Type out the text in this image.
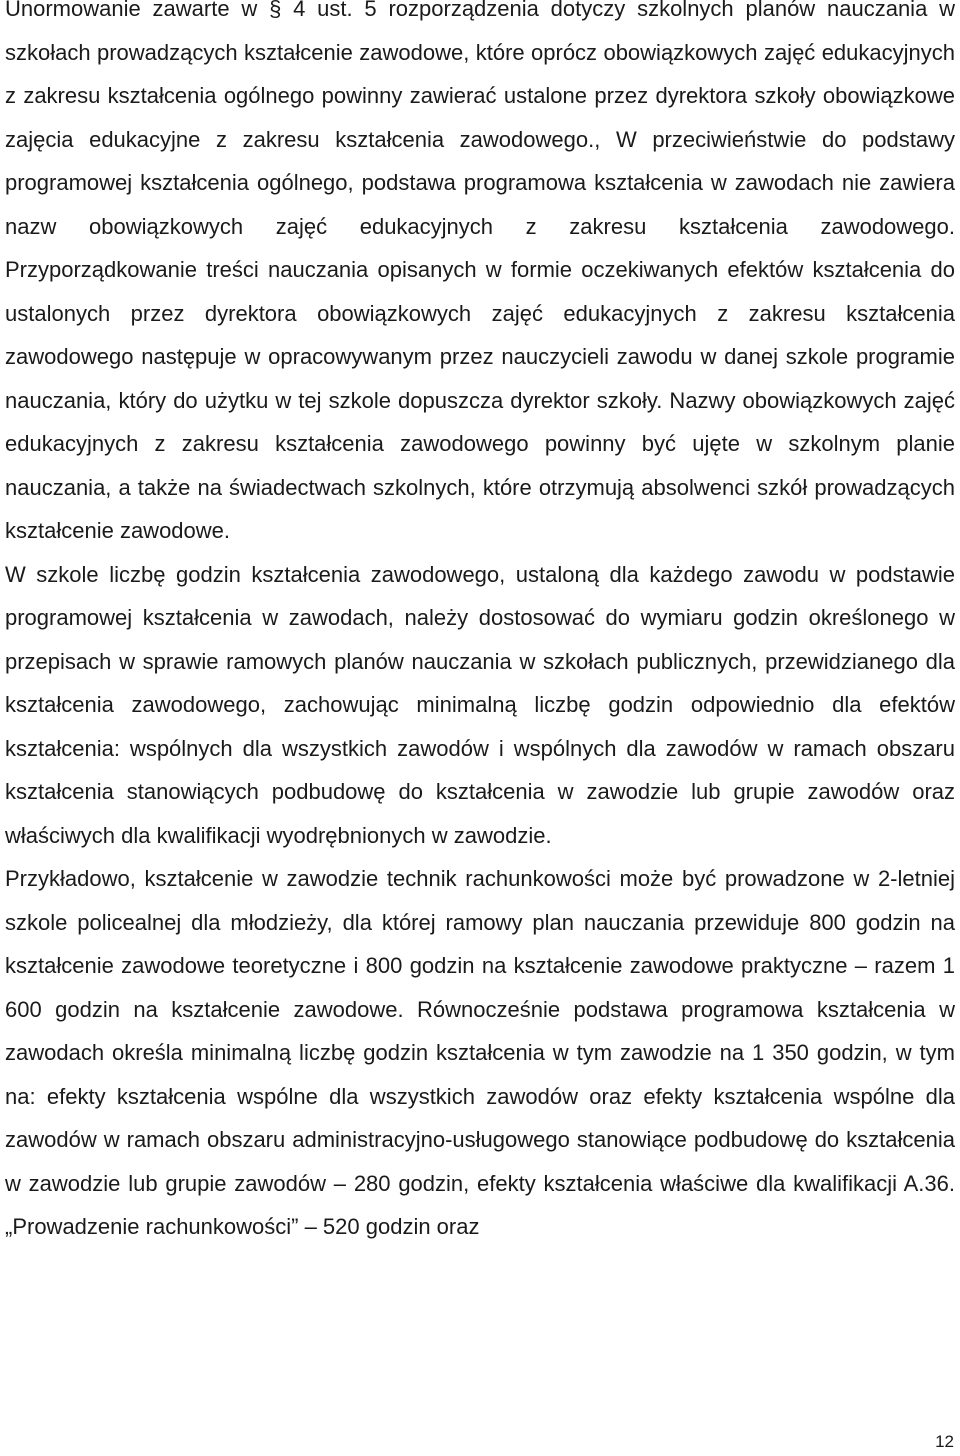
Unormowanie zawarte w § 4 ust. 5 rozporządzenia dotyczy szkolnych planów nauczania w szkołach prowadzących kształcenie zawodowe, które oprócz obowiązkowych zajęć edukacyjnych z zakresu kształcenia ogólnego powinny zawierać ustalone przez dyrektora szkoły obowiązkowe zajęcia edukacyjne z zakresu kształcenia zawodowego., W przeciwieństwie do podstawy programowej kształcenia ogólnego, podstawa programowa kształcenia w zawodach nie zawiera nazw obowiązkowych zajęć edukacyjnych z zakresu kształcenia zawodowego. Przyporządkowanie treści nauczania opisanych w formie oczekiwanych efektów kształcenia do ustalonych przez dyrektora obowiązkowych zajęć edukacyjnych z zakresu kształcenia zawodowego następuje w opracowywanym przez nauczycieli zawodu w danej szkole programie nauczania, który do użytku w tej szkole dopuszcza dyrektor szkoły. Nazwy obowiązkowych zajęć edukacyjnych z zakresu kształcenia zawodowego powinny być ujęte w szkolnym planie nauczania, a także na świadectwach szkolnych, które otrzymują absolwenci szkół prowadzących kształcenie zawodowe.

W szkole liczbę godzin kształcenia zawodowego, ustaloną dla każdego zawodu w podstawie programowej kształcenia w zawodach, należy dostosować do wymiaru godzin określonego w przepisach w sprawie ramowych planów nauczania w szkołach publicznych, przewidzianego dla kształcenia zawodowego, zachowując minimalną liczbę godzin odpowiednio dla efektów kształcenia: wspólnych dla wszystkich zawodów i wspólnych dla zawodów w ramach obszaru kształcenia stanowiących podbudowę do kształcenia w zawodzie lub grupie zawodów oraz właściwych dla kwalifikacji wyodrębnionych w zawodzie.

Przykładowo, kształcenie w zawodzie technik rachunkowości może być prowadzone w 2-letniej szkole policealnej dla młodzieży, dla której ramowy plan nauczania przewiduje 800 godzin na kształcenie zawodowe teoretyczne i 800 godzin na kształcenie zawodowe praktyczne – razem 1 600 godzin na kształcenie zawodowe. Równocześnie podstawa programowa kształcenia w zawodach określa minimalną liczbę godzin kształcenia w tym zawodzie na 1 350 godzin, w tym na: efekty kształcenia wspólne dla wszystkich zawodów oraz efekty kształcenia wspólne dla zawodów w ramach obszaru administracyjno-usługowego stanowiące podbudowę do kształcenia w zawodzie lub grupie zawodów – 280 godzin, efekty kształcenia właściwe dla kwalifikacji A.36. „Prowadzenie rachunkowości” – 520 godzin oraz

12
